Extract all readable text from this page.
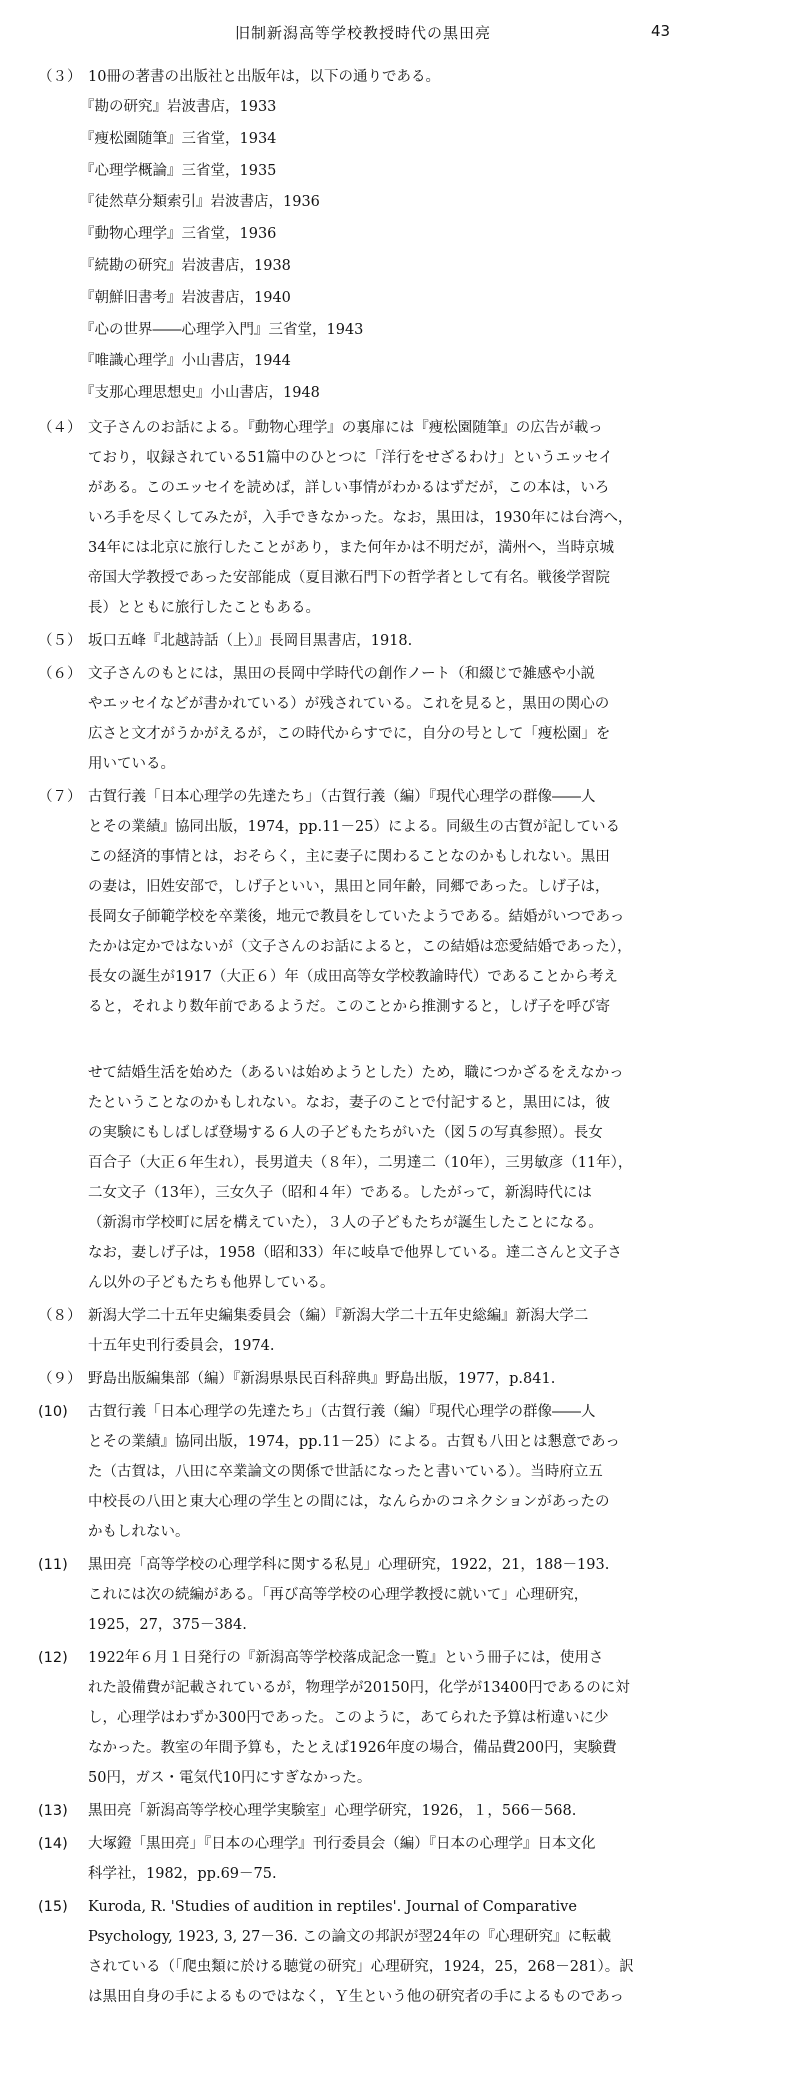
旧制新潟高等学校教授時代の黒田亮	43
（３） 10冊の著書の出版社と出版年は，以下の通りである。
『勘の研究』岩波書店，1933
『痩松園随筆』三省堂，1934
『心理学概論』三省堂，1935
『徒然草分類索引』岩波書店，1936
『動物心理学』三省堂，1936
『続勘の研究』岩波書店，1938
『朝鮮旧書考』岩波書店，1940
『心の世界――心理学入門』三省堂，1943
『唯識心理学』小山書店，1944
『支那心理思想史』小山書店，1948
（４） 文子さんのお話による。『動物心理学』の裏扉には『痩松園随筆』の広告が載っ
ており，収録されている51篇中のひとつに「洋行をせざるわけ」というエッセイ
がある。このエッセイを読めば，詳しい事情がわかるはずだが，この本は，いろ
いろ手を尽くしてみたが，入手できなかった。なお，黒田は，1930年には台湾へ，
34年には北京に旅行したことがあり，また何年かは不明だが，満州へ，当時京城
帝国大学教授であった安部能成（夏目漱石門下の哲学者として有名。戦後学習院
長）とともに旅行したこともある。
（５） 坂口五峰『北越詩話（上）』長岡目黒書店，1918.
（６） 文子さんのもとには，黒田の長岡中学時代の創作ノート（和綴じで雑感や小説
やエッセイなどが書かれている）が残されている。これを見ると，黒田の関心の
広さと文才がうかがえるが，この時代からすでに，自分の号として「痩松園」を
用いている。
（７） 古賀行義「日本心理学の先達たち」（古賀行義（編）『現代心理学の群像――人
とその業績』協同出版，1974，pp.11－25）による。同級生の古賀が記している
この経済的事情とは，おそらく，主に妻子に関わることなのかもしれない。黒田
の妻は，旧姓安部で，しげ子といい，黒田と同年齢，同郷であった。しげ子は，
長岡女子師範学校を卒業後，地元で教員をしていたようである。結婚がいつであっ
たかは定かではないが（文子さんのお話によると，この結婚は恋愛結婚であった），
長女の誕生が1917（大正６）年（成田高等女学校教諭時代）であることから考え
ると，それより数年前であるようだ。このことから推測すると，しげ子を呼び寄
せて結婚生活を始めた（あるいは始めようとした）ため，職につかざるをえなかっ
たということなのかもしれない。なお，妻子のことで付記すると，黒田には，彼
の実験にもしばしば登場する６人の子どもたちがいた（図５の写真参照）。長女
百合子（大正６年生れ），長男道夫（８年），二男達二（10年），三男敏彦（11年），
二女文子（13年），三女久子（昭和４年）である。したがって，新潟時代には
（新潟市学校町に居を構えていた），３人の子どもたちが誕生したことになる。
なお，妻しげ子は，1958（昭和33）年に岐阜で他界している。達二さんと文子さ
ん以外の子どもたちも他界している。
（８） 新潟大学二十五年史編集委員会（編）『新潟大学二十五年史総編』新潟大学二
十五年史刊行委員会，1974.
（９） 野島出版編集部（編）『新潟県県民百科辞典』野島出版，1977，p.841.
(10)	古賀行義「日本心理学の先達たち」（古賀行義（編）『現代心理学の群像――人
とその業績』協同出版，1974，pp.11－25）による。古賀も八田とは懇意であっ
た（古賀は，八田に卒業論文の関係で世話になったと書いている）。当時府立五
中校長の八田と東大心理の学生との間には，なんらかのコネクションがあったの
かもしれない。
(11)	黒田亮「高等学校の心理学科に関する私見」心理研究，1922，21，188－193.
これには次の続編がある。「再び高等学校の心理学教授に就いて」心理研究，
1925，27，375－384.
(12)	1922年６月１日発行の『新潟高等学校落成記念一覧』という冊子には，使用さ
れた設備費が記載されているが，物理学が20150円，化学が13400円であるのに対
し，心理学はわずか300円であった。このように，あてられた予算は桁違いに少
なかった。教室の年間予算も，たとえば1926年度の場合，備品費200円，実験費
50円，ガス・電気代10円にすぎなかった。
(13)	黒田亮「新潟高等学校心理学実験室」心理学研究，1926，１，566－568.
(14)	大塚鐙「黒田亮」『日本の心理学』刊行委員会（編）『日本の心理学』日本文化
科学社，1982，pp.69－75.
(15)	Kuroda, R. 'Studies of audition in reptiles'. Journal of Comparative
Psychology, 1923, 3, 27－36. この論文の邦訳が翌24年の『心理研究』に転載
されている（「爬虫類に於ける聴覚の研究」心理研究，1924，25，268－281）。訳
は黒田自身の手によるものではなく，Ｙ生という他の研究者の手によるものであっ
